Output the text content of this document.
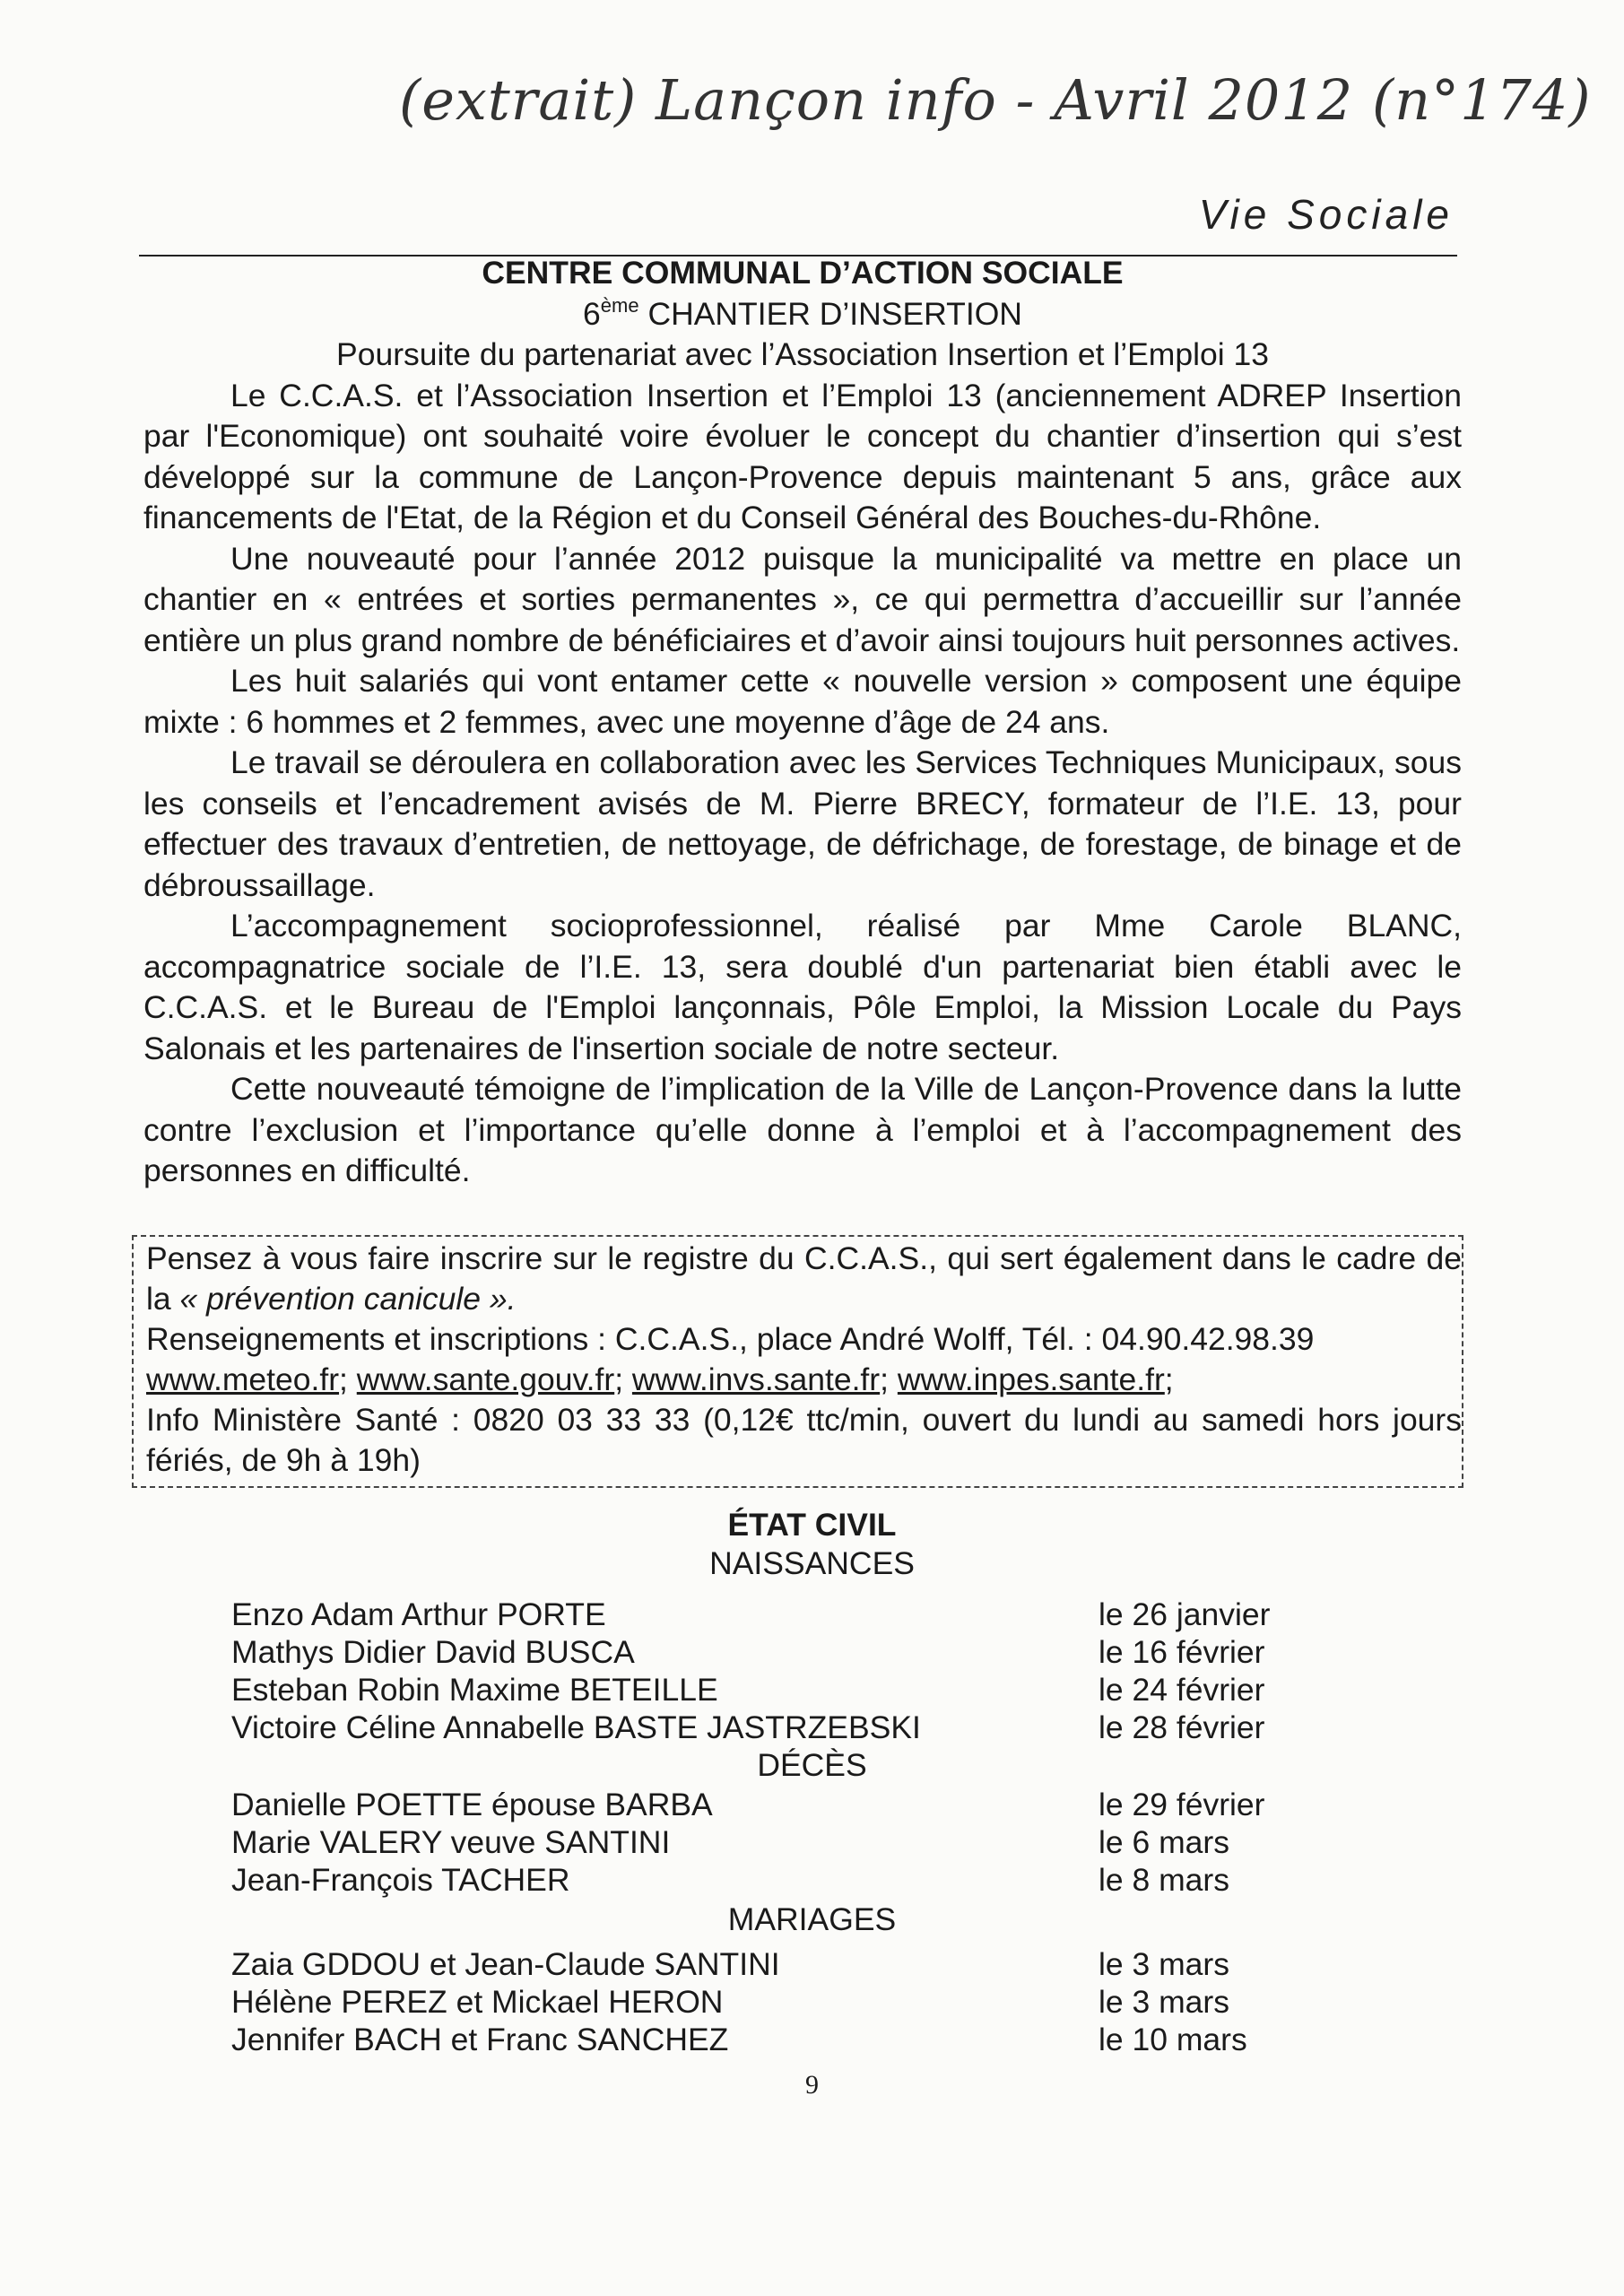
(extrait) Lançon info - Avril 2012 (n°174)
Vie Sociale
CENTRE COMMUNAL D’ACTION SOCIALE
6ème CHANTIER D’INSERTION
Poursuite du partenariat avec l’Association Insertion et l’Emploi 13

Le C.C.A.S. et l’Association Insertion et l’Emploi 13 (anciennement ADREP Insertion par l'Economique) ont souhaité voire évoluer le concept du chantier d’insertion qui s’est développé sur la commune de Lançon-Provence depuis maintenant 5 ans, grâce aux financements de l'Etat, de la Région et du Conseil Général des Bouches-du-Rhône.

Une nouveauté pour l’année 2012 puisque la municipalité va mettre en place un chantier en « entrées et sorties permanentes », ce qui permettra d’accueillir sur l’année entière un plus grand nombre de bénéficiaires et d’avoir ainsi toujours huit personnes actives.

Les huit salariés qui vont entamer cette « nouvelle version » composent une équipe mixte : 6 hommes et 2 femmes, avec une moyenne d’âge de 24 ans.

Le travail se déroulera en collaboration avec les Services Techniques Municipaux, sous les conseils et l’encadrement avisés de M. Pierre BRECY, formateur de l’I.E. 13, pour effectuer des travaux d’entretien, de nettoyage, de défrichage, de forestage, de binage et de débroussaillage.

L’accompagnement socioprofessionnel, réalisé par Mme Carole BLANC, accompagnatrice sociale de l’I.E. 13, sera doublé d'un partenariat bien établi avec le C.C.A.S. et le Bureau de l'Emploi lançonnais, Pôle Emploi, la Mission Locale du Pays Salonais et les partenaires de l'insertion sociale de notre secteur.

Cette nouveauté témoigne de l’implication de la Ville de Lançon-Provence dans la lutte contre l’exclusion et l’importance qu’elle donne à l’emploi et à l’accompagnement des personnes en difficulté.

Pensez à vous faire inscrire sur le registre du C.C.A.S., qui sert également dans le cadre de la « prévention canicule ».

Renseignements et inscriptions : C.C.A.S., place André Wolff, Tél. : 04.90.42.98.39

www.meteo.fr; www.sante.gouv.fr; www.invs.sante.fr; www.inpes.sante.fr;

Info Ministère Santé : 0820 03 33 33 (0,12€ ttc/min, ouvert du lundi au samedi hors jours fériés, de 9h à 19h)

ÉTAT CIVIL
NAISSANCES
Enzo Adam Arthur PORTE	le 26 janvier
Mathys Didier David BUSCA	le 16 février
Esteban Robin Maxime BETEILLE	le 24 février
Victoire Céline Annabelle BASTE JASTRZEBSKI	le 28 février
DÉCÈS
Danielle POETTE épouse BARBA	le 29 février
Marie VALERY veuve SANTINI	le 6 mars
Jean-François TACHER	le 8 mars
MARIAGES
Zaia GDDOU et Jean-Claude SANTINI	le 3 mars
Hélène PEREZ et Mickael HERON	le 3 mars
Jennifer BACH et Franc SANCHEZ	le 10 mars
9
